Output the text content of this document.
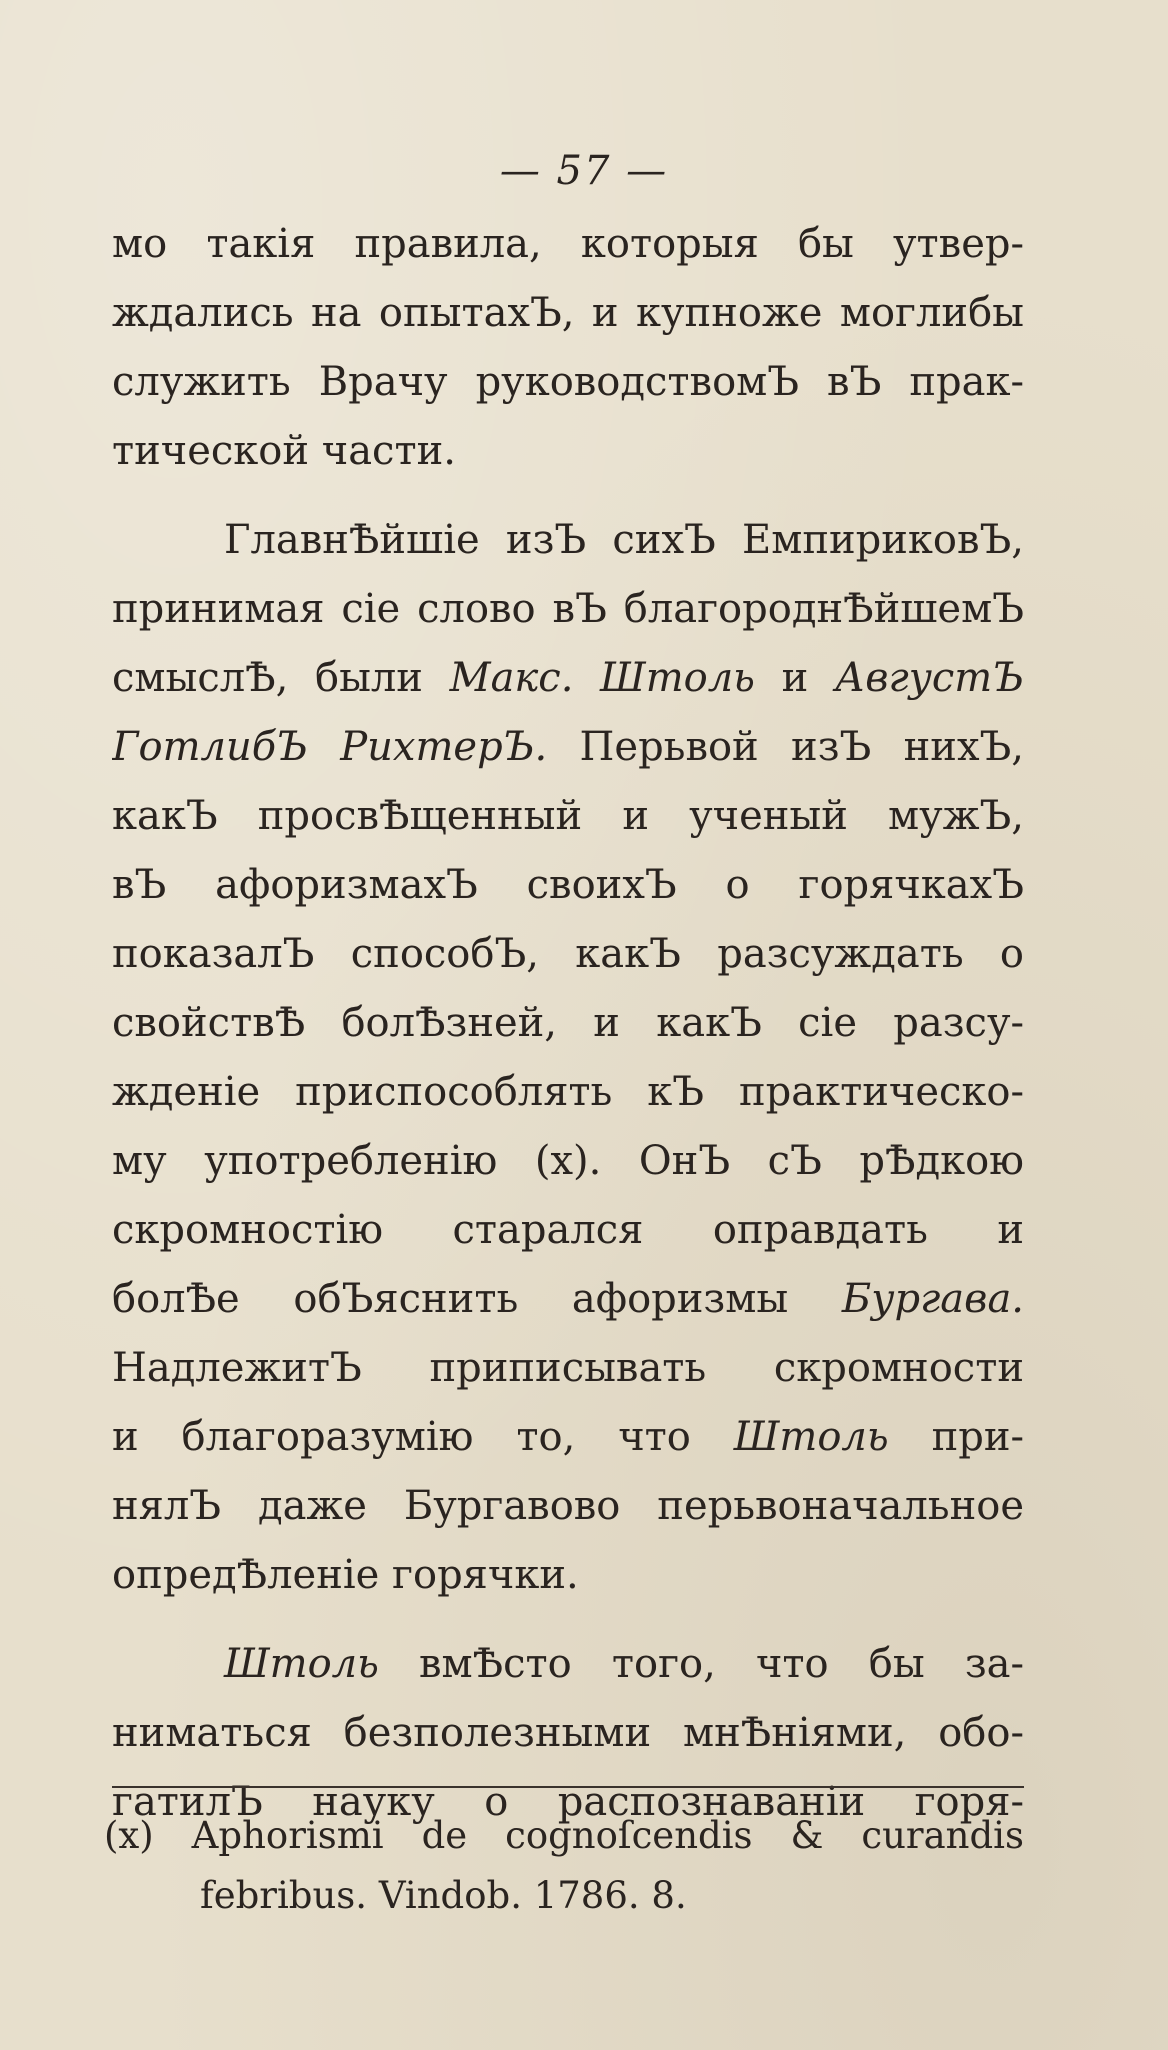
— 57 —
мо такія правила, которыя бы утвер-
ждались на опытахЪ, и купноже моглибы
служить Врачу руководствомЪ вЪ прак-
тической части.
ГлавнѢйшіе изЪ сихЪ ЕмпириковЪ,
принимая сіе слово вЪ благороднѢйшемЪ
смыслѢ, были Макс. Штоль и АвгустЪ
ГотлибЪ РихтерЪ. Перьвой изЪ нихЪ,
какЪ просвѢщенный и ученый мужЪ,
вЪ афоризмахЪ своихЪ о горячкахЪ
показалЪ способЪ, какЪ разсуждать о
свойствѢ болѢзней, и какЪ сіе разсу-
жденіе приспособлять кЪ практическо-
му употребленію (x). ОнЪ сЪ рѢдкою
скромностію старался оправдать и
болѢе обЪяснить афоризмы Бургава.
НадлежитЪ приписывать скромности
и благоразумію то, что Штоль при-
нялЪ даже Бургавово перьвоначальное
опредѢленіе горячки.
Штоль вмѢсто того, что бы за-
ниматься безполезными мнѢніями, обо-
гатилЪ науку о распознаваніи горя-
(x) Aphorismi de cognoſcendis & curandis
febribus. Vindob. 1786. 8.
